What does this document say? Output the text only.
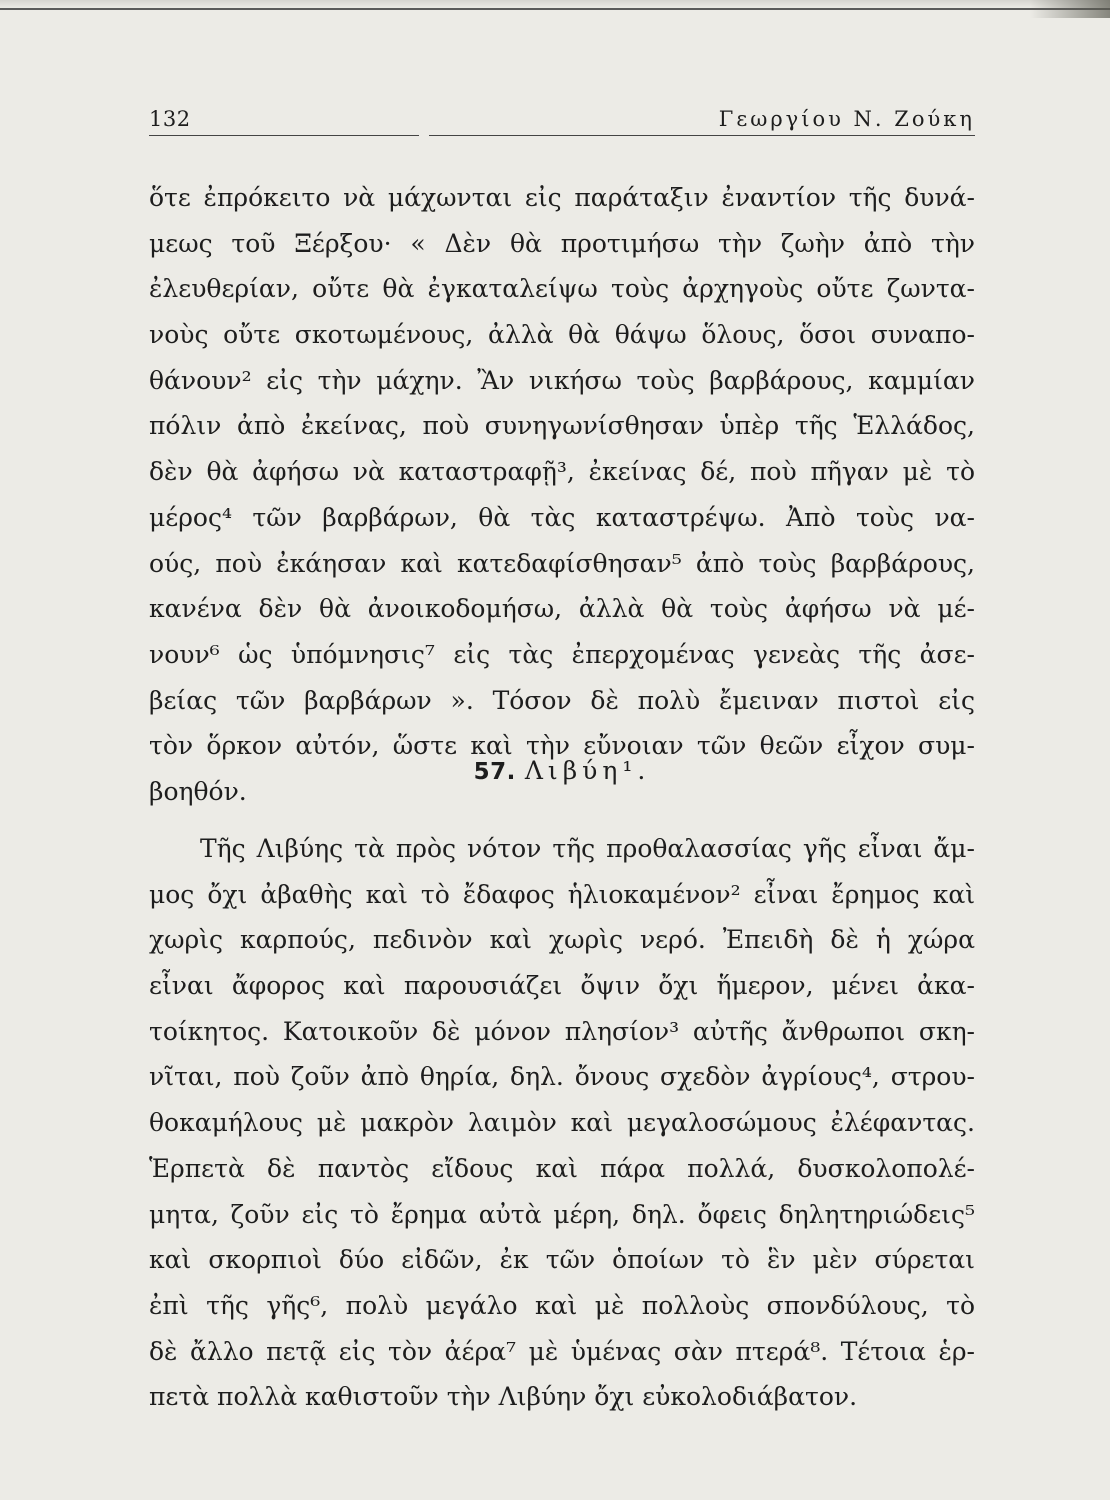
132	Γεωργίου Ν. Ζούκη
ὅτε ἐπρόκειτο νὰ μάχωνται εἰς παράταξιν ἐναντίον τῆς δυνά-
μεως τοῦ Ξέρξου· « Δὲν θὰ προτιμήσω τὴν ζωὴν ἀπὸ τὴν
ἐλευθερίαν, οὔτε θὰ ἐγκαταλείψω τοὺς ἀρχηγοὺς οὔτε ζωντα-
νοὺς οὔτε σκοτωμένους, ἀλλὰ θὰ θάψω ὅλους, ὅσοι συναπο-
θάνουν² εἰς τὴν μάχην. Ἂν νικήσω τοὺς βαρβάρους, καμμίαν
πόλιν ἀπὸ ἐκείνας, ποὺ συνηγωνίσθησαν ὑπὲρ τῆς Ἑλλάδος,
δὲν θὰ ἀφήσω νὰ καταστραφῇ³, ἐκείνας δέ, ποὺ πῆγαν μὲ τὸ
μέρος⁴ τῶν βαρβάρων, θὰ τὰς καταστρέψω. Ἀπὸ τοὺς να-
ούς, ποὺ ἐκάησαν καὶ κατεδαφίσθησαν⁵ ἀπὸ τοὺς βαρβάρους,
κανένα δὲν θὰ ἀνοικοδομήσω, ἀλλὰ θὰ τοὺς ἀφήσω νὰ μέ-
νουν⁶ ὡς ὑπόμνησις⁷ εἰς τὰς ἐπερχομένας γενεὰς τῆς ἀσε-
βείας τῶν βαρβάρων ». Τόσον δὲ πολὺ ἔμειναν πιστοὶ εἰς
τὸν ὅρκον αὐτόν, ὥστε καὶ τὴν εὔνοιαν τῶν θεῶν εἶχον συμ-
βοηθόν.
57. Λιβύη¹.
Τῆς Λιβύης τὰ πρὸς νότον τῆς προθαλασσίας γῆς εἶναι ἄμ-
μος ὄχι ἀβαθὴς καὶ τὸ ἔδαφος ἡλιοκαμένον² εἶναι ἔρημος καὶ
χωρὶς καρπούς, πεδινὸν καὶ χωρὶς νερό. Ἐπειδὴ δὲ ἡ χώρα
εἶναι ἄφορος καὶ παρουσιάζει ὄψιν ὄχι ἥμερον, μένει ἀκα-
τοίκητος. Κατοικοῦν δὲ μόνον πλησίον³ αὐτῆς ἄνθρωποι σκη-
νῖται, ποὺ ζοῦν ἀπὸ θηρία, δηλ. ὄνους σχεδὸν ἀγρίους⁴, στρου-
θοκαμήλους μὲ μακρὸν λαιμὸν καὶ μεγαλοσώμους ἐλέφαντας.
Ἑρπετὰ δὲ παντὸς εἴδους καὶ πάρα πολλά, δυσκολοπολέ-
μητα, ζοῦν εἰς τὸ ἔρημα αὐτὰ μέρη, δηλ. ὄφεις δηλητηριώδεις⁵
καὶ σκορπιοὶ δύο εἰδῶν, ἐκ τῶν ὁποίων τὸ ἓν μὲν σύρεται
ἐπὶ τῆς γῆς⁶, πολὺ μεγάλο καὶ μὲ πολλοὺς σπονδύλους, τὸ
δὲ ἄλλο πετᾷ εἰς τὸν ἀέρα⁷ μὲ ὑμένας σὰν πτερά⁸. Τέτοια ἑρ-
πετὰ πολλὰ καθιστοῦν τὴν Λιβύην ὄχι εὐκολοδιάβατον.
